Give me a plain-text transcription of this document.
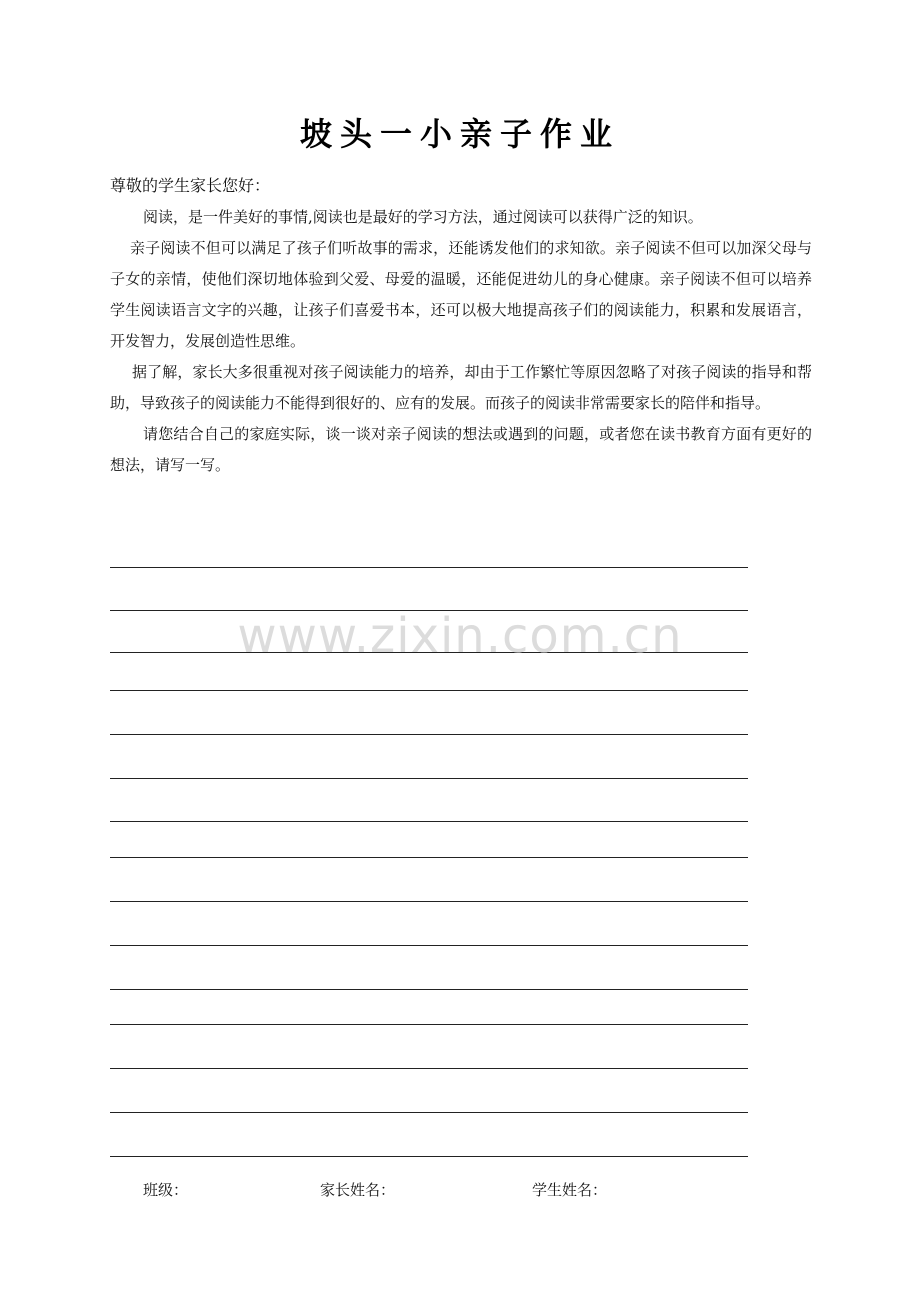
坡头一小亲子作业
尊敬的学生家长您好：

阅读，是一件美好的事情,阅读也是最好的学习方法，通过阅读可以获得广泛的知识。

亲子阅读不但可以满足了孩子们听故事的需求，还能诱发他们的求知欲。亲子阅读不但可以加深父母与子女的亲情，使他们深切地体验到父爱、母爱的温暖，还能促进幼儿的身心健康。亲子阅读不但可以培养学生阅读语言文字的兴趣，让孩子们喜爱书本，还可以极大地提高孩子们的阅读能力，积累和发展语言，开发智力，发展创造性思维。

据了解，家长大多很重视对孩子阅读能力的培养，却由于工作繁忙等原因忽略了对孩子阅读的指导和帮助，导致孩子的阅读能力不能得到很好的、应有的发展。而孩子的阅读非常需要家长的陪伴和指导。

请您结合自己的家庭实际，谈一谈对亲子阅读的想法或遇到的问题，或者您在读书教育方面有更好的想法，请写一写。

www.zixin.com.cn
班级：	家长姓名：	学生姓名：
